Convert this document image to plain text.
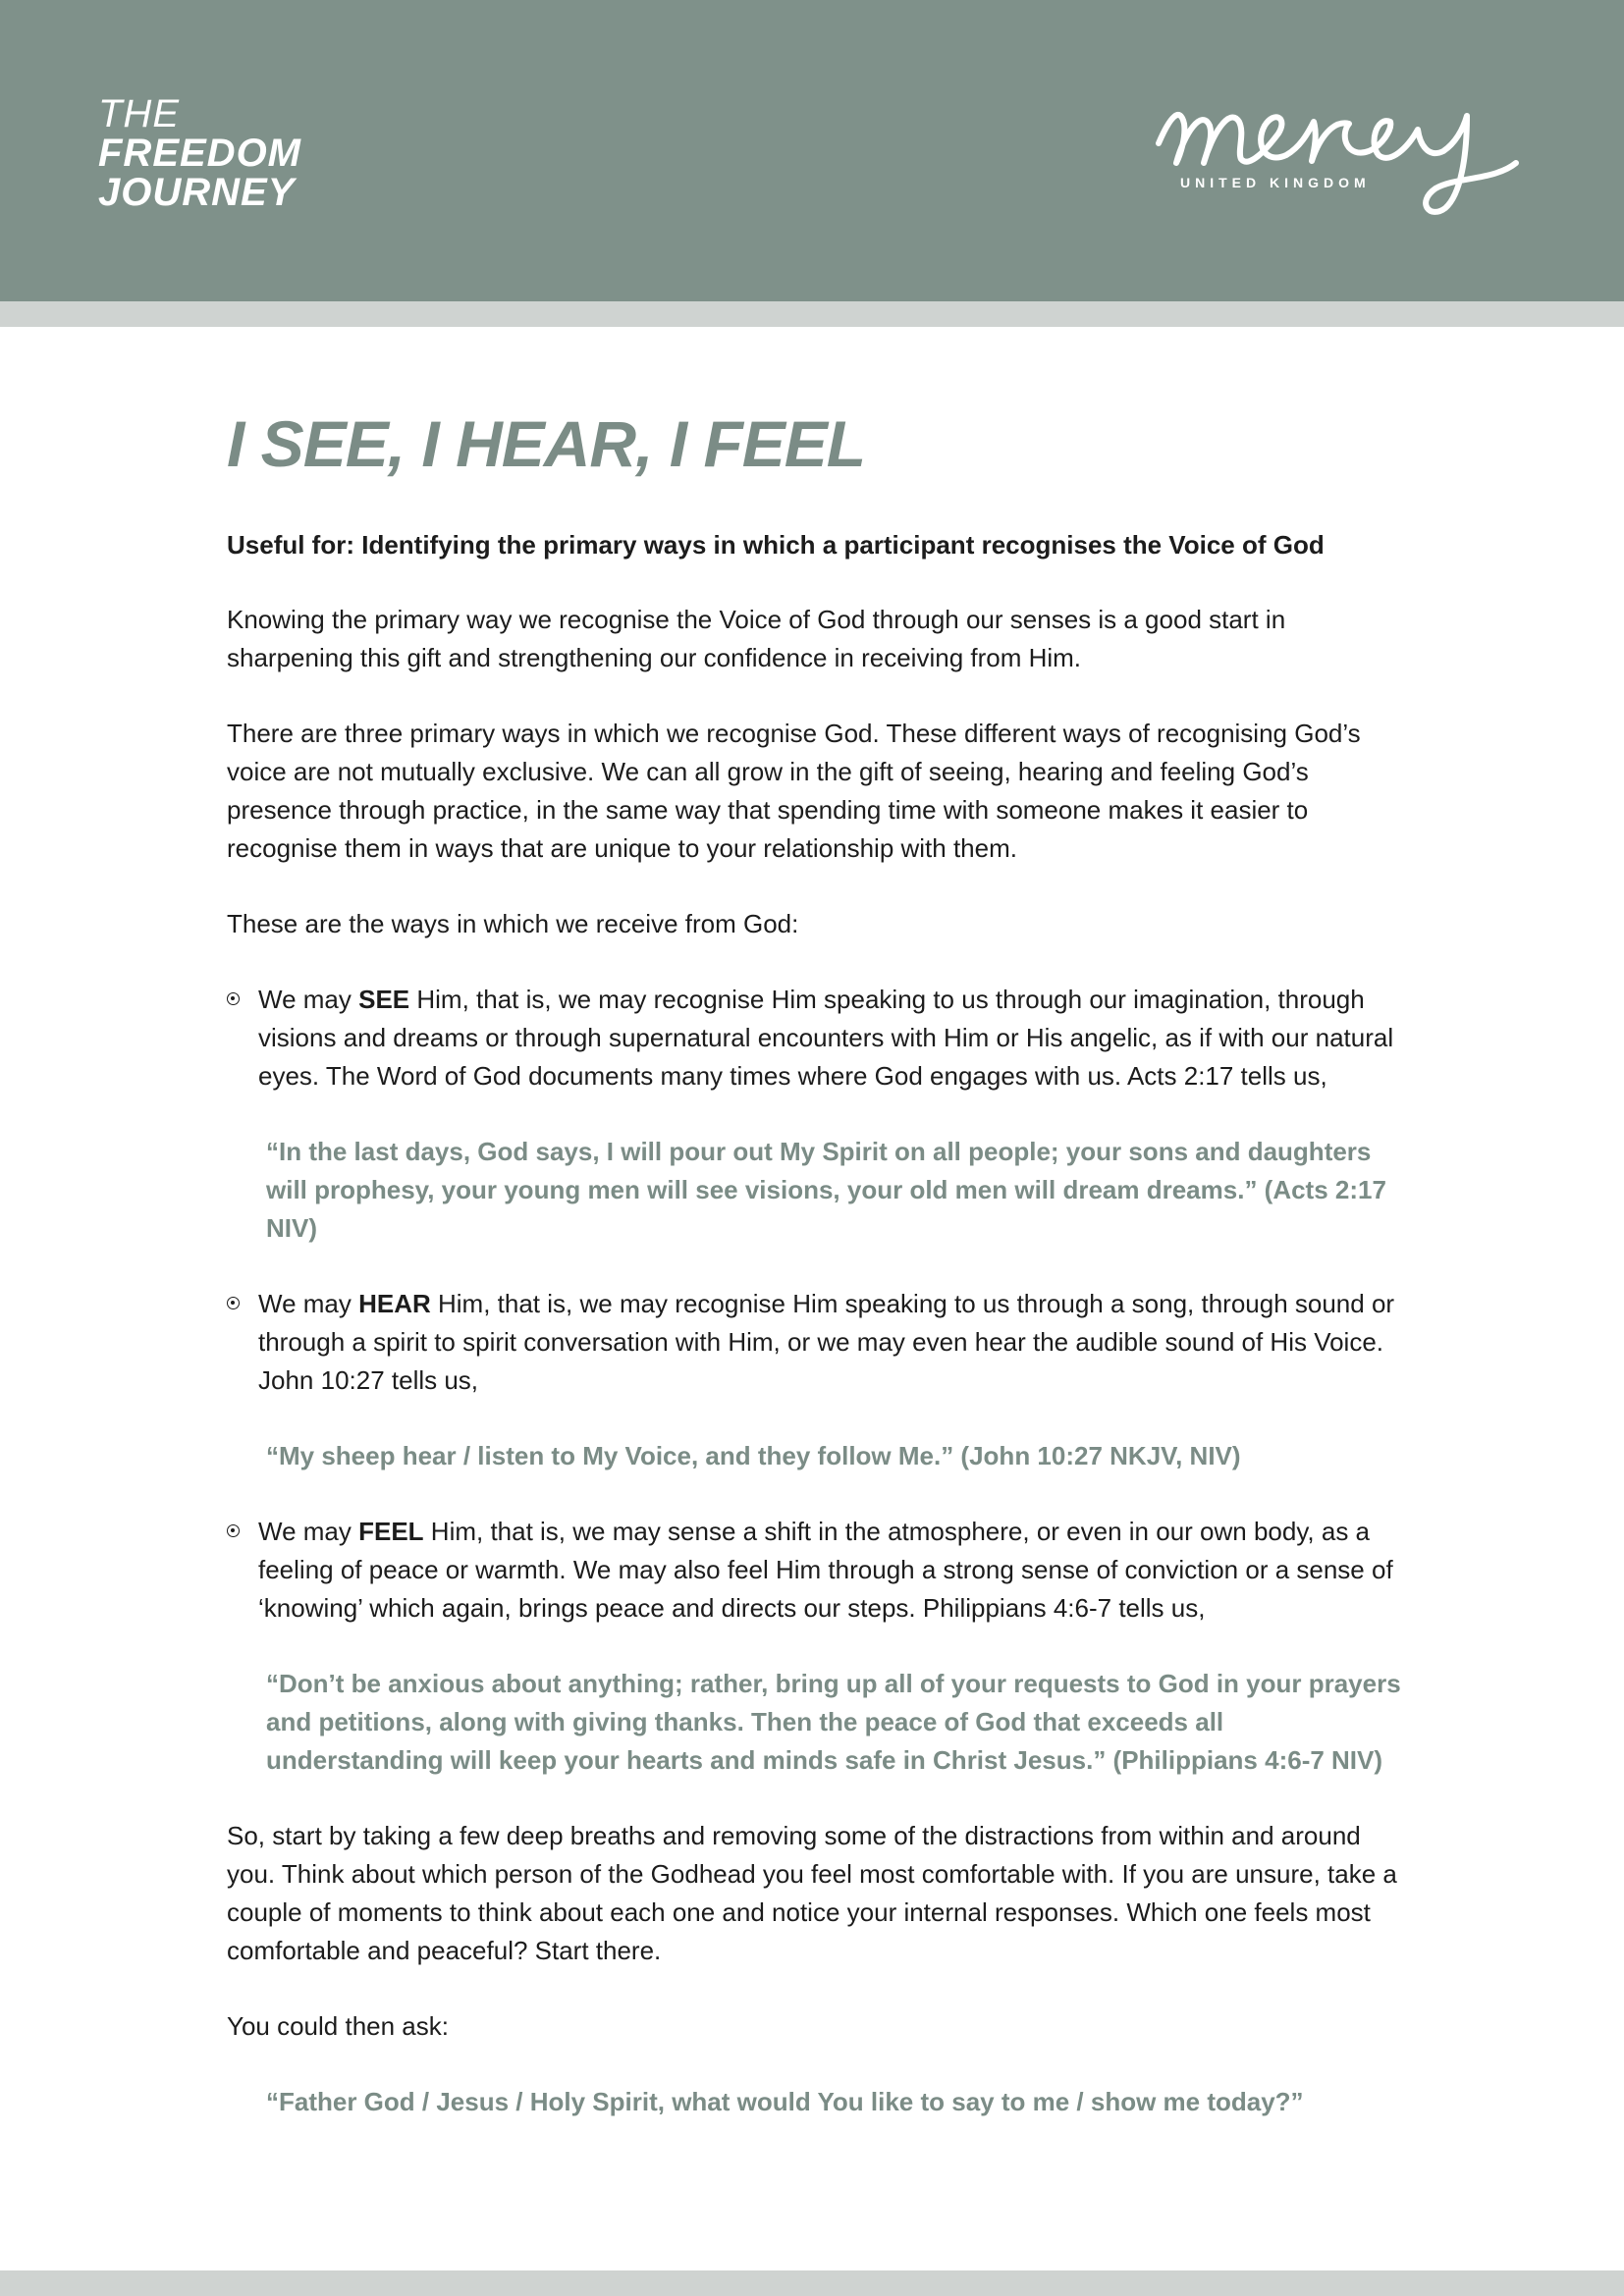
THE
FREEDOM
JOURNEY	UNITED KINGDOM
I SEE, I HEAR, I FEEL
Useful for: Identifying the primary ways in which a participant recognises the Voice of God

Knowing the primary way we recognise the Voice of God through our senses is a good start in sharpening this gift and strengthening our confidence in receiving from Him.

There are three primary ways in which we recognise God. These different ways of recognising God’s voice are not mutually exclusive. We can all grow in the gift of seeing, hearing and feeling God’s presence through practice, in the same way that spending time with someone makes it easier to recognise them in ways that are unique to your relationship with them.

These are the ways in which we receive from God:

We may SEE Him, that is, we may recognise Him speaking to us through our imagination, through visions and dreams or through supernatural encounters with Him or His angelic, as if with our natural eyes. The Word of God documents many times where God engages with us. Acts 2:17 tells us,
“In the last days, God says, I will pour out My Spirit on all people; your sons and daughters will prophesy, your young men will see visions, your old men will dream dreams.” (Acts 2:17 NIV)
We may HEAR Him, that is, we may recognise Him speaking to us through a song, through sound or through a spirit to spirit conversation with Him, or we may even hear the audible sound of His Voice. John 10:27 tells us,
“My sheep hear / listen to My Voice, and they follow Me.” (John 10:27 NKJV, NIV)
We may FEEL Him, that is, we may sense a shift in the atmosphere, or even in our own body, as a feeling of peace or warmth. We may also feel Him through a strong sense of conviction or a sense of ‘knowing’ which again, brings peace and directs our steps. Philippians 4:6-7 tells us,
“Don’t be anxious about anything; rather, bring up all of your requests to God in your prayers and petitions, along with giving thanks. Then the peace of God that exceeds all understanding will keep your hearts and minds safe in Christ Jesus.” (Philippians 4:6-7 NIV)

So, start by taking a few deep breaths and removing some of the distractions from within and around you. Think about which person of the Godhead you feel most comfortable with. If you are unsure, take a couple of moments to think about each one and notice your internal responses. Which one feels most comfortable and peaceful? Start there.

You could then ask:

“Father God / Jesus / Holy Spirit, what would You like to say to me / show me today?”
